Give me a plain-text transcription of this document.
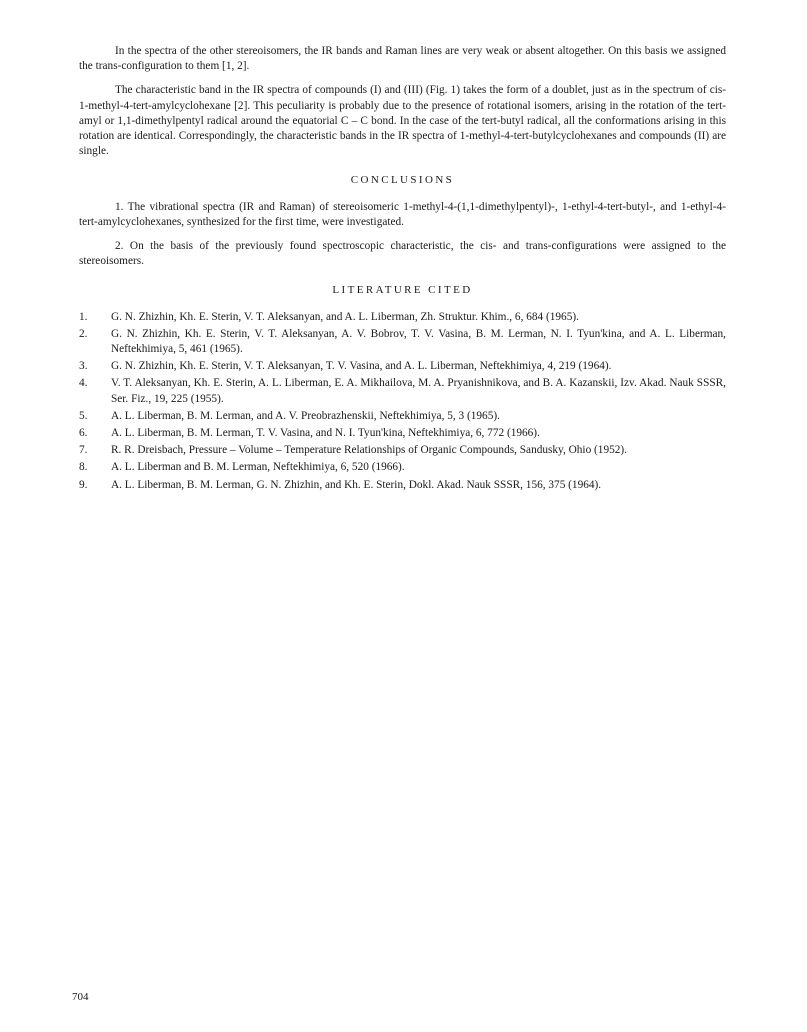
In the spectra of the other stereoisomers, the IR bands and Raman lines are very weak or absent altogether. On this basis we assigned the trans-configuration to them [1, 2].

The characteristic band in the IR spectra of compounds (I) and (III) (Fig. 1) takes the form of a doublet, just as in the spectrum of cis-1-methyl-4-tert-amylcyclohexane [2]. This peculiarity is probably due to the presence of rotational isomers, arising in the rotation of the tert-amyl or 1,1-dimethylpentyl radical around the equatorial C – C bond. In the case of the tert-butyl radical, all the conformations arising in this rotation are identical. Correspondingly, the characteristic bands in the IR spectra of 1-methyl-4-tert-butylcyclohexanes and compounds (II) are single.

CONCLUSIONS

1. The vibrational spectra (IR and Raman) of stereoisomeric 1-methyl-4-(1,1-dimethylpentyl)-, 1-ethyl-4-tert-butyl-, and 1-ethyl-4-tert-amylcyclohexanes, synthesized for the first time, were investigated.

2. On the basis of the previously found spectroscopic characteristic, the cis- and trans-configurations were assigned to the stereoisomers.

LITERATURE CITED
1. G. N. Zhizhin, Kh. E. Sterin, V. T. Aleksanyan, and A. L. Liberman, Zh. Struktur. Khim., 6, 684 (1965).
2. G. N. Zhizhin, Kh. E. Sterin, V. T. Aleksanyan, A. V. Bobrov, T. V. Vasina, B. M. Lerman, N. I. Tyun'kina, and A. L. Liberman, Neftekhimiya, 5, 461 (1965).
3. G. N. Zhizhin, Kh. E. Sterin, V. T. Aleksanyan, T. V. Vasina, and A. L. Liberman, Neftekhimiya, 4, 219 (1964).
4. V. T. Aleksanyan, Kh. E. Sterin, A. L. Liberman, E. A. Mikhailova, M. A. Pryanishnikova, and B. A. Kazanskii, Izv. Akad. Nauk SSSR, Ser. Fiz., 19, 225 (1955).
5. A. L. Liberman, B. M. Lerman, and A. V. Preobrazhenskii, Neftekhimiya, 5, 3 (1965).
6. A. L. Liberman, B. M. Lerman, T. V. Vasina, and N. I. Tyun'kina, Neftekhimiya, 6, 772 (1966).
7. R. R. Dreisbach, Pressure – Volume – Temperature Relationships of Organic Compounds, Sandusky, Ohio (1952).
8. A. L. Liberman and B. M. Lerman, Neftekhimiya, 6, 520 (1966).
9. A. L. Liberman, B. M. Lerman, G. N. Zhizhin, and Kh. E. Sterin, Dokl. Akad. Nauk SSSR, 156, 375 (1964).
704
